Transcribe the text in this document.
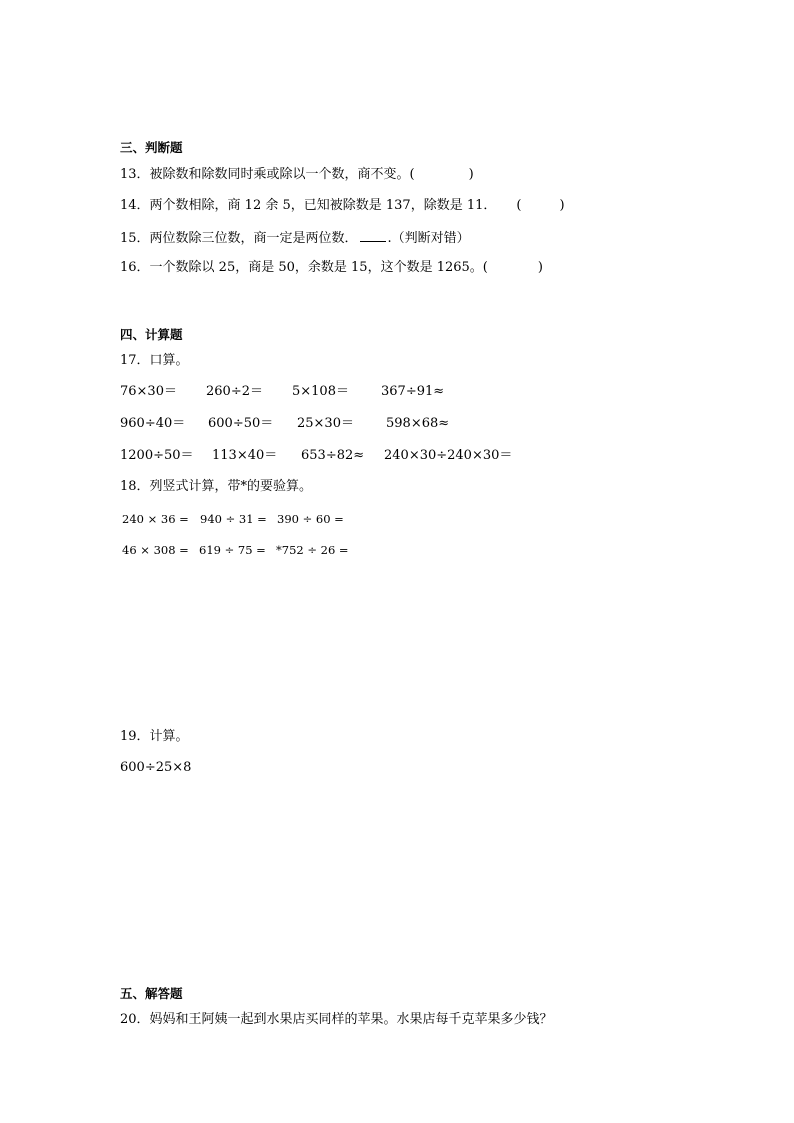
三、判断题
13．被除数和除数同时乘或除以一个数，商不变。(	)
14．两个数相除，商 12 余 5，已知被除数是 137，除数是 11． (	)
15．两位数除三位数，商一定是两位数． .（判断对错）
16．一个数除以 25，商是 50，余数是 15，这个数是 1265。(	)
四、计算题
17．口算。
76×30＝ 260÷2＝ 5×108＝ 367÷91≈
960÷40＝ 600÷50＝ 25×30＝ 598×68≈
1200÷50＝ 113×40＝ 653÷82≈ 240×30÷240×30＝
18．列竖式计算，带*的要验算。
240 × 36 = 940 ÷ 31 = 390 ÷ 60 =
46 × 308 = 619 ÷ 75 = *752 ÷ 26 =
19．计算。
600÷25×8
五、解答题
20．妈妈和王阿姨一起到水果店买同样的苹果。水果店每千克苹果多少钱？
